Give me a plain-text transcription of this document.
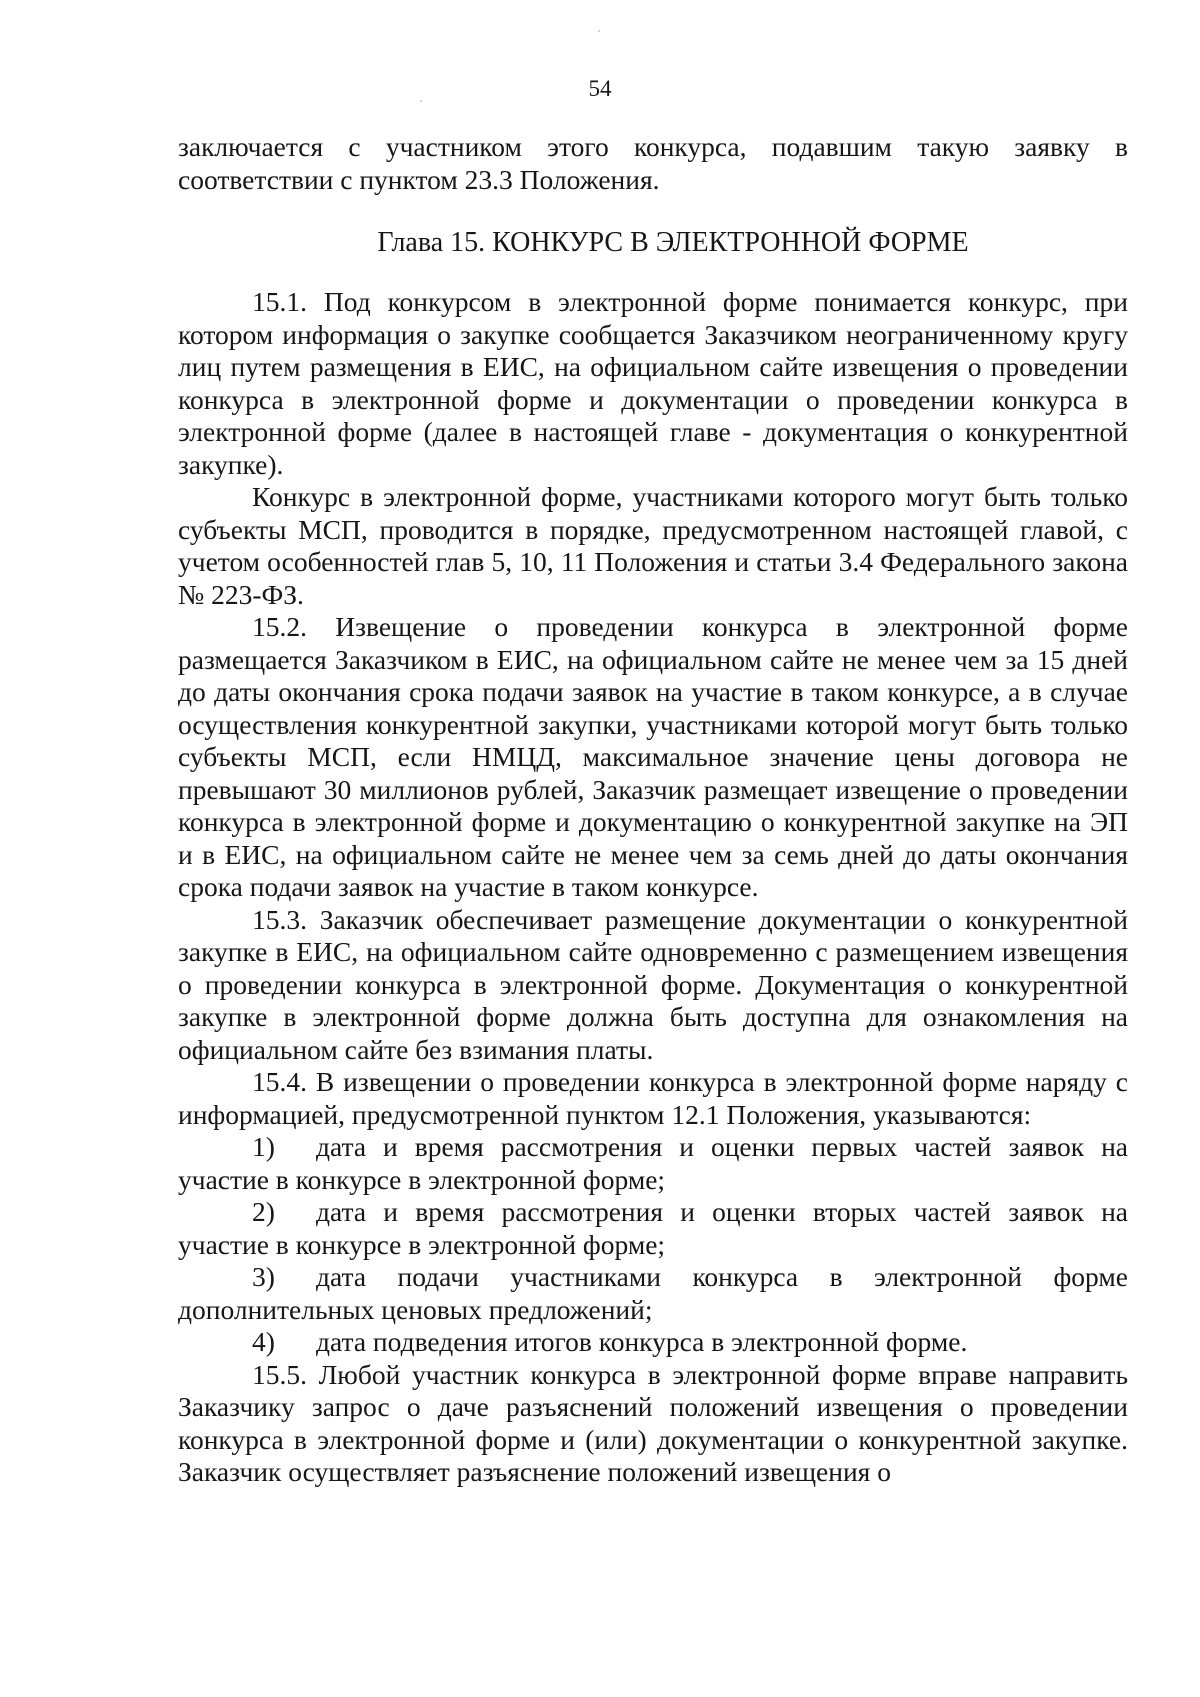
54

заключается с участником этого конкурса, подавшим такую заявку в соответствии с пунктом 23.3 Положения.

Глава 15. КОНКУРС В ЭЛЕКТРОННОЙ ФОРМЕ

15.1. Под конкурсом в электронной форме понимается конкурс, при котором информация о закупке сообщается Заказчиком неограниченному кругу лиц путем размещения в ЕИС, на официальном сайте извещения о проведении конкурса в электронной форме и документации о проведении конкурса в электронной форме (далее в настоящей главе - документация о конкурентной закупке).

Конкурс в электронной форме, участниками которого могут быть только субъекты МСП, проводится в порядке, предусмотренном настоящей главой, с учетом особенностей глав 5, 10, 11 Положения и статьи 3.4 Федерального закона № 223-ФЗ.

15.2. Извещение о проведении конкурса в электронной форме размещается Заказчиком в ЕИС, на официальном сайте не менее чем за 15 дней до даты окончания срока подачи заявок на участие в таком конкурсе, а в случае осуществления конкурентной закупки, участниками которой могут быть только субъекты МСП, если НМЦД, максимальное значение цены договора не превышают 30 миллионов рублей, Заказчик размещает извещение о проведении конкурса в электронной форме и документацию о конкурентной закупке на ЭП и в ЕИС, на официальном сайте не менее чем за семь дней до даты окончания срока подачи заявок на участие в таком конкурсе.

15.3. Заказчик обеспечивает размещение документации о конкурентной закупке в ЕИС, на официальном сайте одновременно с размещением извещения о проведении конкурса в электронной форме. Документация о конкурентной закупке в электронной форме должна быть доступна для ознакомления на официальном сайте без взимания платы.

15.4. В извещении о проведении конкурса в электронной форме наряду с информацией, предусмотренной пунктом 12.1 Положения, указываются:

1) дата и время рассмотрения и оценки первых частей заявок на участие в конкурсе в электронной форме;

2) дата и время рассмотрения и оценки вторых частей заявок на участие в конкурсе в электронной форме;

3) дата подачи участниками конкурса в электронной форме дополнительных ценовых предложений;

4) дата подведения итогов конкурса в электронной форме.

15.5. Любой участник конкурса в электронной форме вправе направить Заказчику запрос о даче разъяснений положений извещения о проведении конкурса в электронной форме и (или) документации о конкурентной закупке. Заказчик осуществляет разъяснение положений извещения о
